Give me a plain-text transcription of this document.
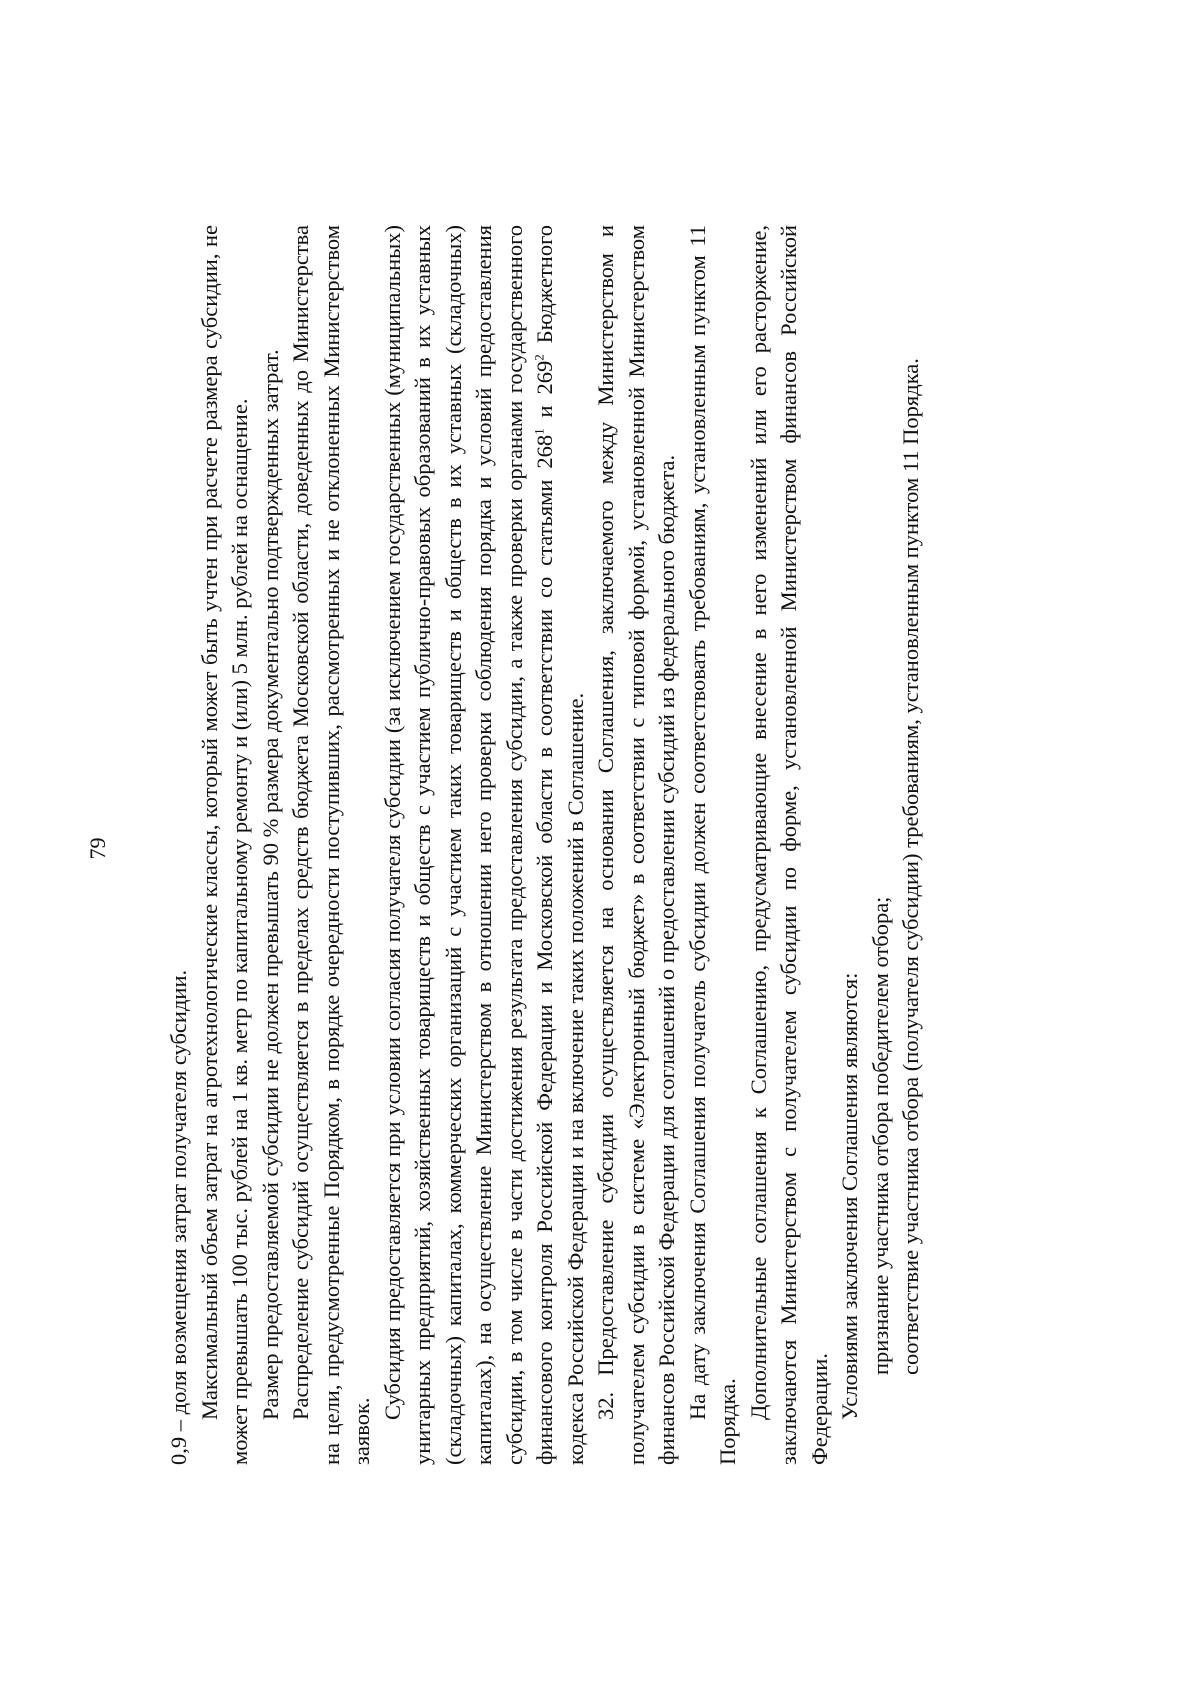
79

0,9 – доля возмещения затрат получателя субсидии. Максимальный объем затрат на агротехнологические классы, который может быть учтен при расчете размера субсидии, не может превышать 100 тыс. рублей на 1 кв. метр по капитальному ремонту и (или) 5 млн. рублей на оснащение. Размер предоставляемой субсидии не должен превышать 90 % размера документально подтвержденных затрат. Распределение субсидий осуществляется в пределах средств бюджета Московской области, доведенных до Министерства на цели, предусмотренные Порядком, в порядке очередности поступивших, рассмотренных и не отклоненных Министерством заявок.

Субсидия предоставляется при условии согласия получателя субсидии (за исключением государственных (муниципальных) унитарных предприятий, хозяйственных товариществ и обществ с участием публично-правовых образований в их уставных (складочных) капиталах, коммерческих организаций с участием таких товариществ и обществ в их уставных (складочных) капиталах), на осуществление Министерством в отношении него проверки соблюдения порядка и условий предоставления субсидии, в том числе в части достижения результата предоставления субсидии, а также проверки органами государственного финансового контроля Российской Федерации и Московской области в соответствии со статьями $268^1$ и $269^2$ Бюджетного кодекса Российской Федерации и на включение таких положений в Соглашение. 32. Предоставление субсидии осуществляется на основании Соглашения, заключаемого между Министерством и получателем субсидии в системе «Электронный бюджет» в соответствии с типовой формой, установленной Министерством финансов Российской Федерации для соглашений о предоставлении субсидий из федерального бюджета. На дату заключения Соглашения получатель субсидии должен соответствовать требованиям, установленным пунктом 11 Порядка.

Дополнительные соглашения к Соглашению, предусматривающие внесение в него изменений или его расторжение, заключаются Министерством с получателем субсидии по форме, установленной Министерством финансов Российской Федерации. Условиями заключения Соглашения являются: признание участника отбора победителем отбора; соответствие участника отбора (получателя субсидии) требованиям, установленным пунктом 11 Порядка.
